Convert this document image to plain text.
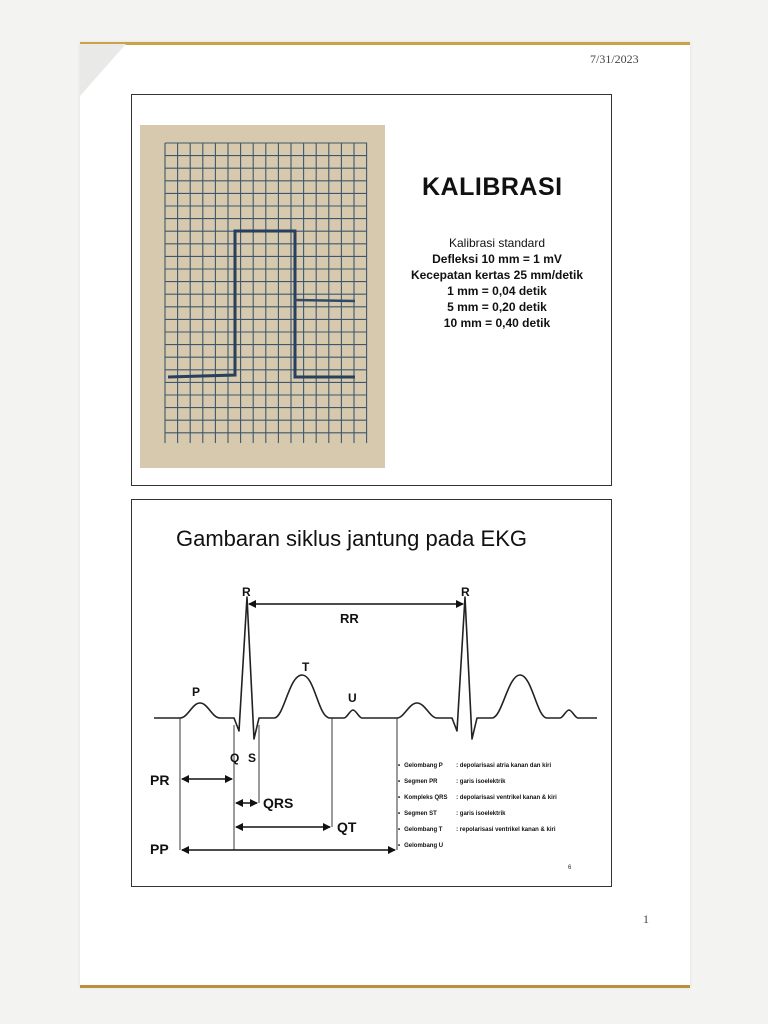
7/31/2023
KALIBRASI
Kalibrasi standard
Defleksi 10 mm = 1 mV
Kecepatan kertas 25 mm/detik
1 mm = 0,04 detik
5 mm = 0,20 detik
10 mm = 0,40 detik
Gambaran siklus jantung pada EKG
R	R
P
T
U
Q S
RR
PR
QRS
QT
PP
• Gelombang P : depolarisasi atria kanan dan kiri
• Segmen PR	: garis isoelektrik
• Kompleks QRS : depolarisasi ventrikel kanan & kiri
• Segmen ST	: garis isoelektrik
• Gelombang T : repolarisasi ventrikel kanan & kiri
• Gelombang U
6
1
